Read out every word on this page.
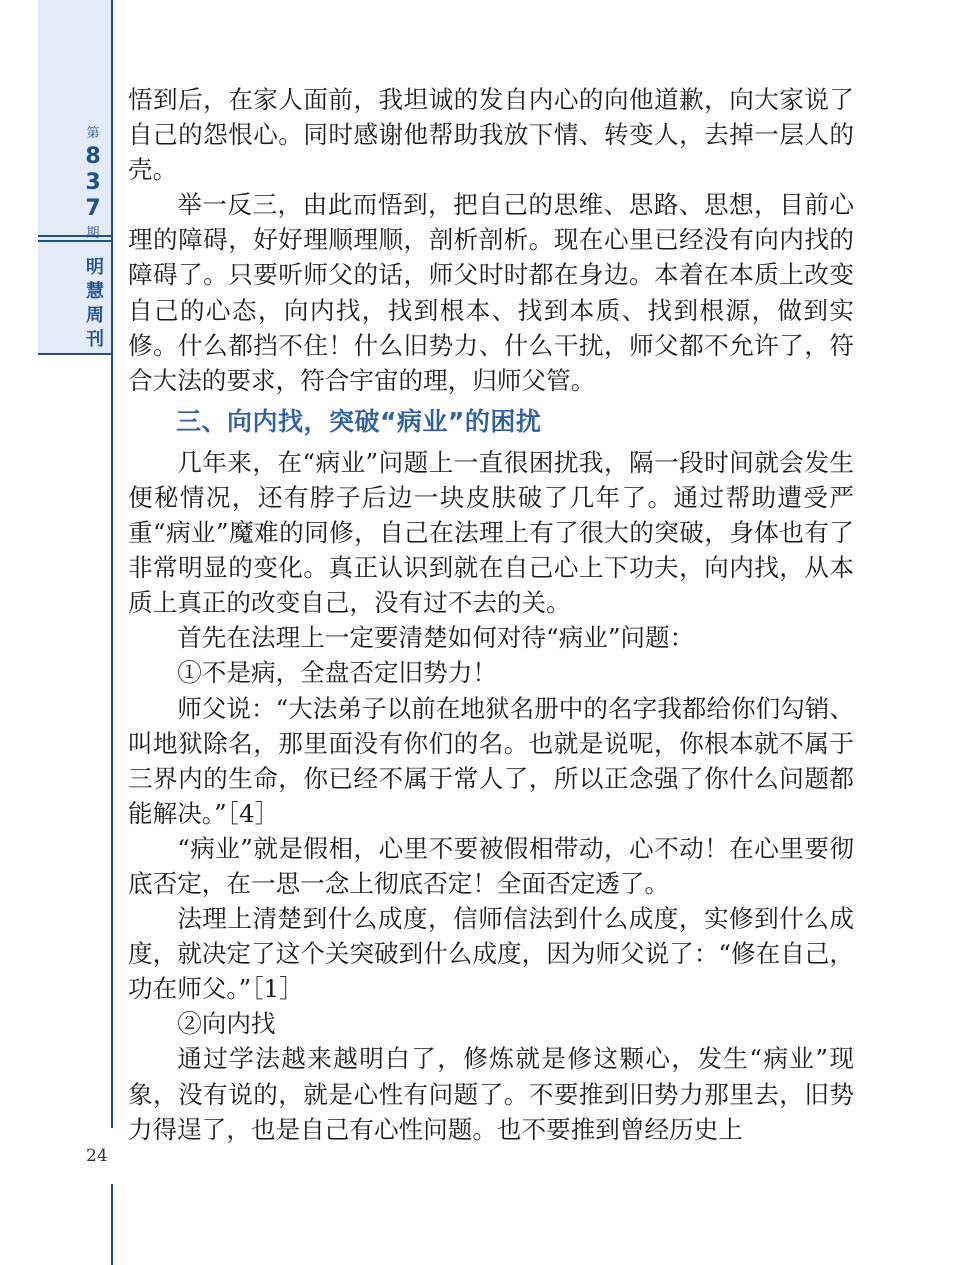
第
8
3
7
期
明
慧
周
刊
24

悟到后，在家人面前，我坦诚的发自内心的向他道歉，向大家说了自己的怨恨心。同时感谢他帮助我放下情、转变人，去掉一层人的壳。

举一反三，由此而悟到，把自己的思维、思路、思想，目前心理的障碍，好好理顺理顺，剖析剖析。现在心里已经没有向内找的障碍了。只要听师父的话，师父时时都在身边。本着在本质上改变自己的心态，向内找，找到根本、找到本质、找到根源，做到实修。什么都挡不住！什么旧势力、什么干扰，师父都不允许了，符合大法的要求，符合宇宙的理，归师父管。

三、向内找，突破“病业”的困扰

几年来，在“病业”问题上一直很困扰我，隔一段时间就会发生便秘情况，还有脖子后边一块皮肤破了几年了。通过帮助遭受严重“病业”魔难的同修，自己在法理上有了很大的突破，身体也有了非常明显的变化。真正认识到就在自己心上下功夫，向内找，从本质上真正的改变自己，没有过不去的关。

首先在法理上一定要清楚如何对待“病业”问题：

①不是病，全盘否定旧势力！

师父说：“大法弟子以前在地狱名册中的名字我都给你们勾销、叫地狱除名，那里面没有你们的名。也就是说呢，你根本就不属于三界内的生命，你已经不属于常人了，所以正念强了你什么问题都能解决。”［4］

“病业”就是假相，心里不要被假相带动，心不动！在心里要彻底否定，在一思一念上彻底否定！全面否定透了。

法理上清楚到什么成度，信师信法到什么成度，实修到什么成度，就决定了这个关突破到什么成度，因为师父说了：“修在自己，功在师父。”［1］

②向内找

通过学法越来越明白了，修炼就是修这颗心，发生“病业”现象，没有说的，就是心性有问题了。不要推到旧势力那里去，旧势力得逞了，也是自己有心性问题。也不要推到曾经历史上
